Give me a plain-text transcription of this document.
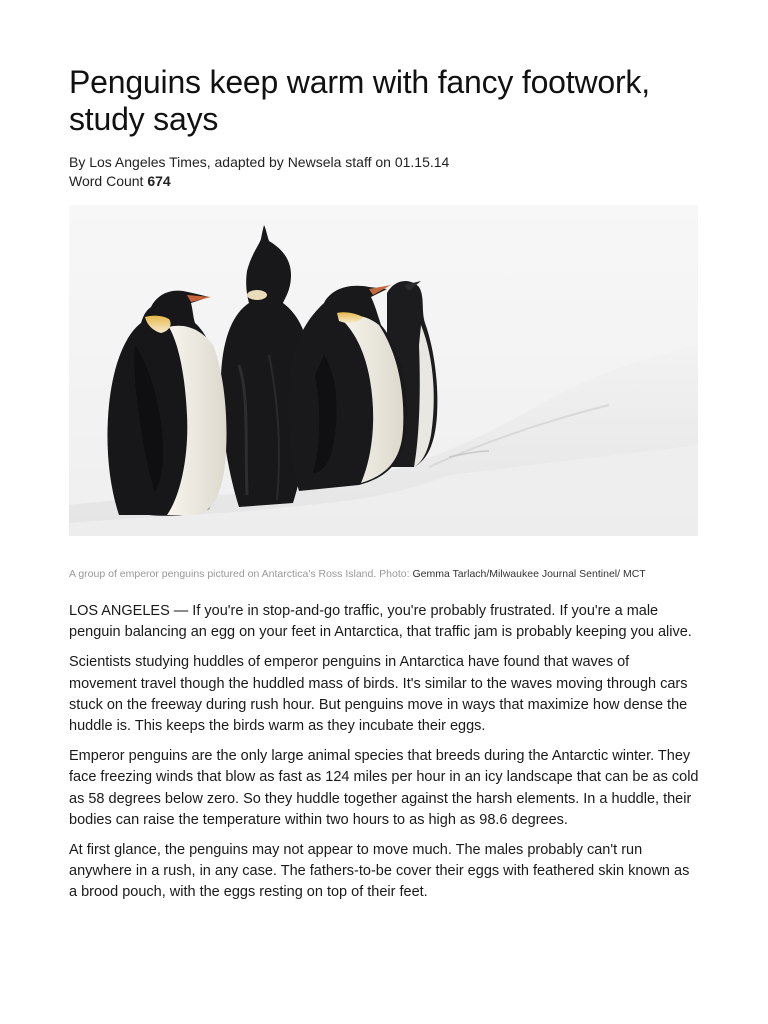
Penguins keep warm with fancy footwork, study says
By Los Angeles Times, adapted by Newsela staff on 01.15.14
Word Count 674
A group of emperor penguins pictured on Antarctica's Ross Island. Photo: Gemma Tarlach/Milwaukee Journal Sentinel/ MCT

LOS ANGELES — If you're in stop-and-go traffic, you're probably frustrated. If you're a male penguin balancing an egg on your feet in Antarctica, that traffic jam is probably keeping you alive.

Scientists studying huddles of emperor penguins in Antarctica have found that waves of movement travel though the huddled mass of birds. It's similar to the waves moving through cars stuck on the freeway during rush hour. But penguins move in ways that maximize how dense the huddle is. This keeps the birds warm as they incubate their eggs.

Emperor penguins are the only large animal species that breeds during the Antarctic winter. They face freezing winds that blow as fast as 124 miles per hour in an icy landscape that can be as cold as 58 degrees below zero. So they huddle together against the harsh elements. In a huddle, their bodies can raise the temperature within two hours to as high as 98.6 degrees.

At first glance, the penguins may not appear to move much. The males probably can't run anywhere in a rush, in any case. The fathers-to-be cover their eggs with feathered skin known as a brood pouch, with the eggs resting on top of their feet.
